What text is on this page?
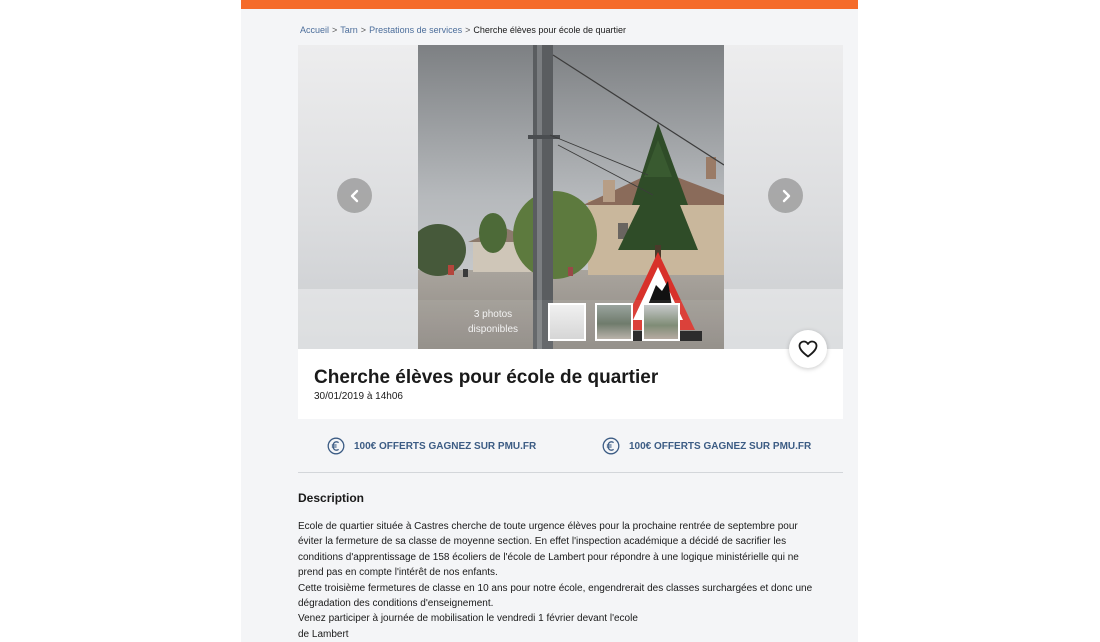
Accueil > Tarn > Prestations de services > Cherche élèves pour école de quartier
3 photos
disponibles
Cherche élèves pour école de quartier
30/01/2019 à 14h06
100€ OFFERTS GAGNEZ SUR PMU.FR	100€ OFFERTS GAGNEZ SUR PMU.FR
Description

Ecole de quartier située à Castres cherche de toute urgence élèves pour la prochaine rentrée de septembre pour

éviter la fermeture de sa classe de moyenne section. En effet l'inspection académique a décidé de sacrifier les

conditions d'apprentissage de 158 écoliers de l'école de Lambert pour répondre à une logique ministérielle qui ne

prend pas en compte l'intérêt de nos enfants.

Cette troisième fermetures de classe en 10 ans pour notre école, engendrerait des classes surchargées et donc une

dégradation des conditions d'enseignement.

Venez participer à journée de mobilisation le vendredi 1 février devant l'ecole

de Lambert
